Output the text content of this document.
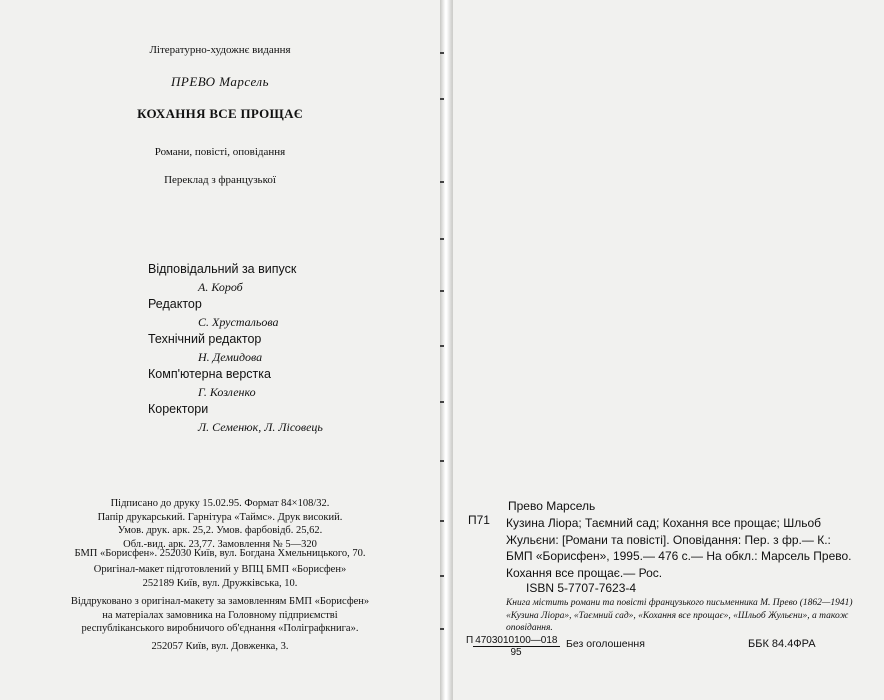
Літературно-художнє видання
ПРЕВО Марсель
КОХАННЯ ВСЕ ПРОЩАЄ
Романи, повісті, оповідання
Переклад з французької
Відповідальний за випуск
А. Короб
Редактор
С. Хрустальова
Технічний редактор
Н. Демидова
Комп'ютерна верстка
Г. Козленко
Коректори
Л. Семенюк, Л. Лісовець
Підписано до друку 15.02.95. Формат 84×108/32.
Папір друкарський. Гарнітура «Таймс». Друк високий.
Умов. друк. арк. 25,2. Умов. фарбовідб. 25,62.
Обл.-вид. арк. 23,77. Замовлення № 5—320
БМП «Борисфен». 252030 Київ, вул. Богдана Хмельницького, 70.
Оригінал-макет підготовлений у ВПЦ БМП «Борисфен»
252189 Київ, вул. Дружківська, 10.
Віддруковано з оригінал-макету за замовленням БМП «Борисфен»
на матеріалах замовника на Головному підприємстві
республіканського виробничого об'єднання «Поліграфкнига».
252057 Київ, вул. Довженка, 3.
П71
Прево Марсель
Кузина Лiора; Таємний сад; Кохання все прощає; Шльоб Жульєни: [Романи та повісті]. Оповідання: Пер. з фр.— К.: БМП «Борисфен», 1995.— 476 с.— На обкл.: Марсель Прево. Кохання все прощає.— Рос.
ISBN 5-7707-7623-4
Книга містить романи та повісті французького письменника М. Прево (1862—1941) «Кузина Лiора», «Таємний сад», «Кохання все прощає», «Шльоб Жульєни», а також оповідання.
П 4703010100—018
95
Без оголошення	ББК 84.4ФРА
